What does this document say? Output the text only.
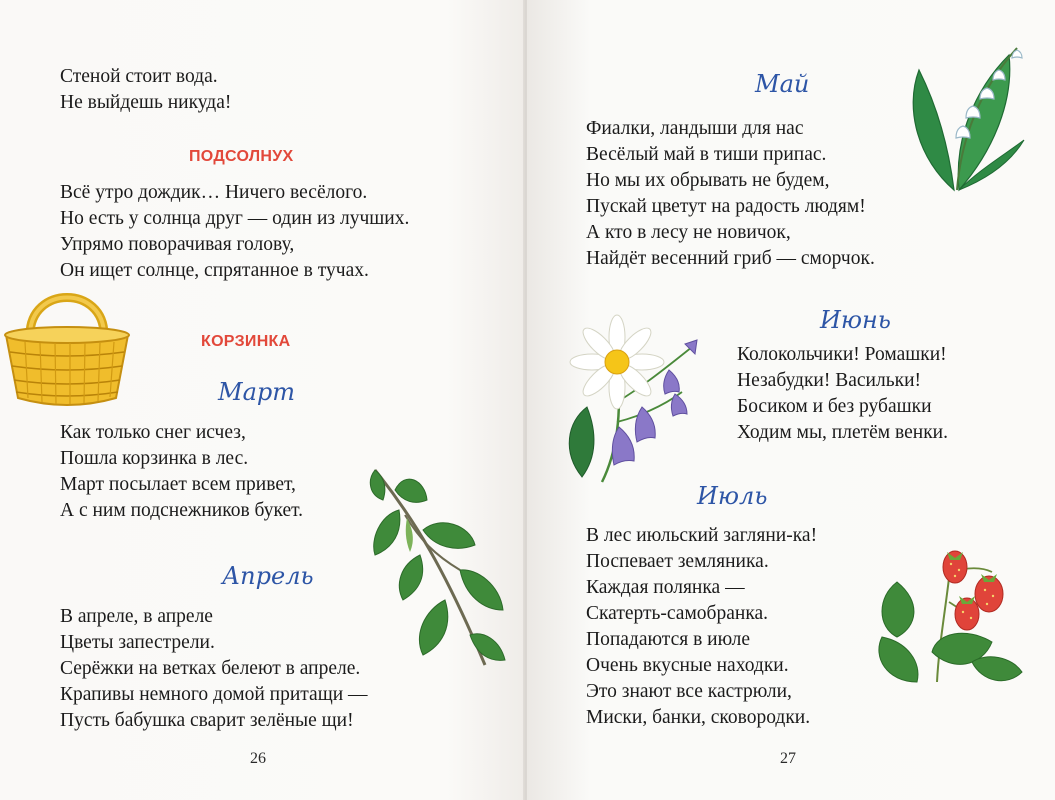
Стеной стоит вода.
Не выйдешь никуда!
ПОДСОЛНУХ
Всё утро дождик… Ничего весёлого.
Но есть у солнца друг — один из лучших.
Упрямо поворачивая голову,
Он ищет солнце, спрятанное в тучах.
КОРЗИНКА
Март
Как только снег исчез,
Пошла корзинка в лес.
Март посылает всем привет,
А с ним подснежников букет.
Апрель
В апреле, в апреле
Цветы запестрели.
Серёжки на ветках белеют в апреле.
Крапивы немного домой притащи —
Пусть бабушка сварит зелёные щи!
26
Май
Фиалки, ландыши для нас
Весёлый май в тиши припас.
Но мы их обрывать не будем,
Пускай цветут на радость людям!
А кто в лесу не новичок,
Найдёт весенний гриб — сморчок.
Июнь
Колокольчики! Ромашки!
Незабудки! Васильки!
Босиком и без рубашки
Ходим мы, плетём венки.
Июль
В лес июльский загляни-ка!
Поспевает земляника.
Каждая полянка —
Скатерть-самобранка.
Попадаются в июле
Очень вкусные находки.
Это знают все кастрюли,
Миски, банки, сковородки.
27
